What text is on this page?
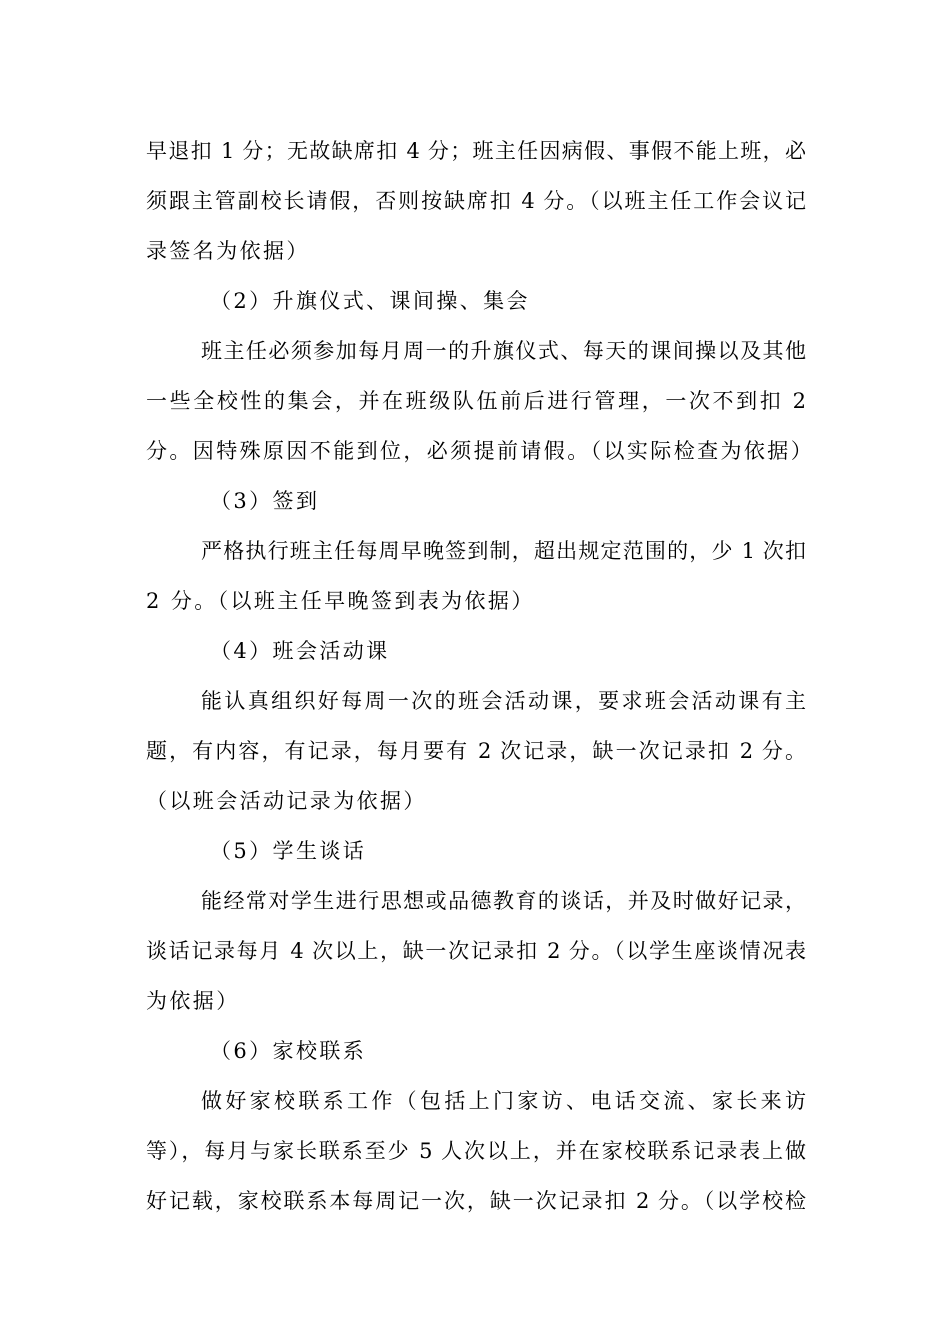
早退扣 1 分；无故缺席扣 4 分；班主任因病假、事假不能上班，必

须跟主管副校长请假，否则按缺席扣 4 分。（以班主任工作会议记

录签名为依据）

（2）升旗仪式、课间操、集会

班主任必须参加每月周一的升旗仪式、每天的课间操以及其他

一些全校性的集会，并在班级队伍前后进行管理，一次不到扣 2

分。因特殊原因不能到位，必须提前请假。（以实际检查为依据）

（3）签到

严格执行班主任每周早晚签到制，超出规定范围的，少 1 次扣

2 分。（以班主任早晚签到表为依据）

（4）班会活动课

能认真组织好每周一次的班会活动课，要求班会活动课有主

题，有内容，有记录，每月要有 2 次记录，缺一次记录扣 2 分。

（以班会活动记录为依据）

（5）学生谈话

能经常对学生进行思想或品德教育的谈话，并及时做好记录，

谈话记录每月 4 次以上，缺一次记录扣 2 分。（以学生座谈情况表

为依据）

（6）家校联系

做好家校联系工作（包括上门家访、电话交流、家长来访

等），每月与家长联系至少 5 人次以上，并在家校联系记录表上做

好记载，家校联系本每周记一次，缺一次记录扣 2 分。（以学校检
